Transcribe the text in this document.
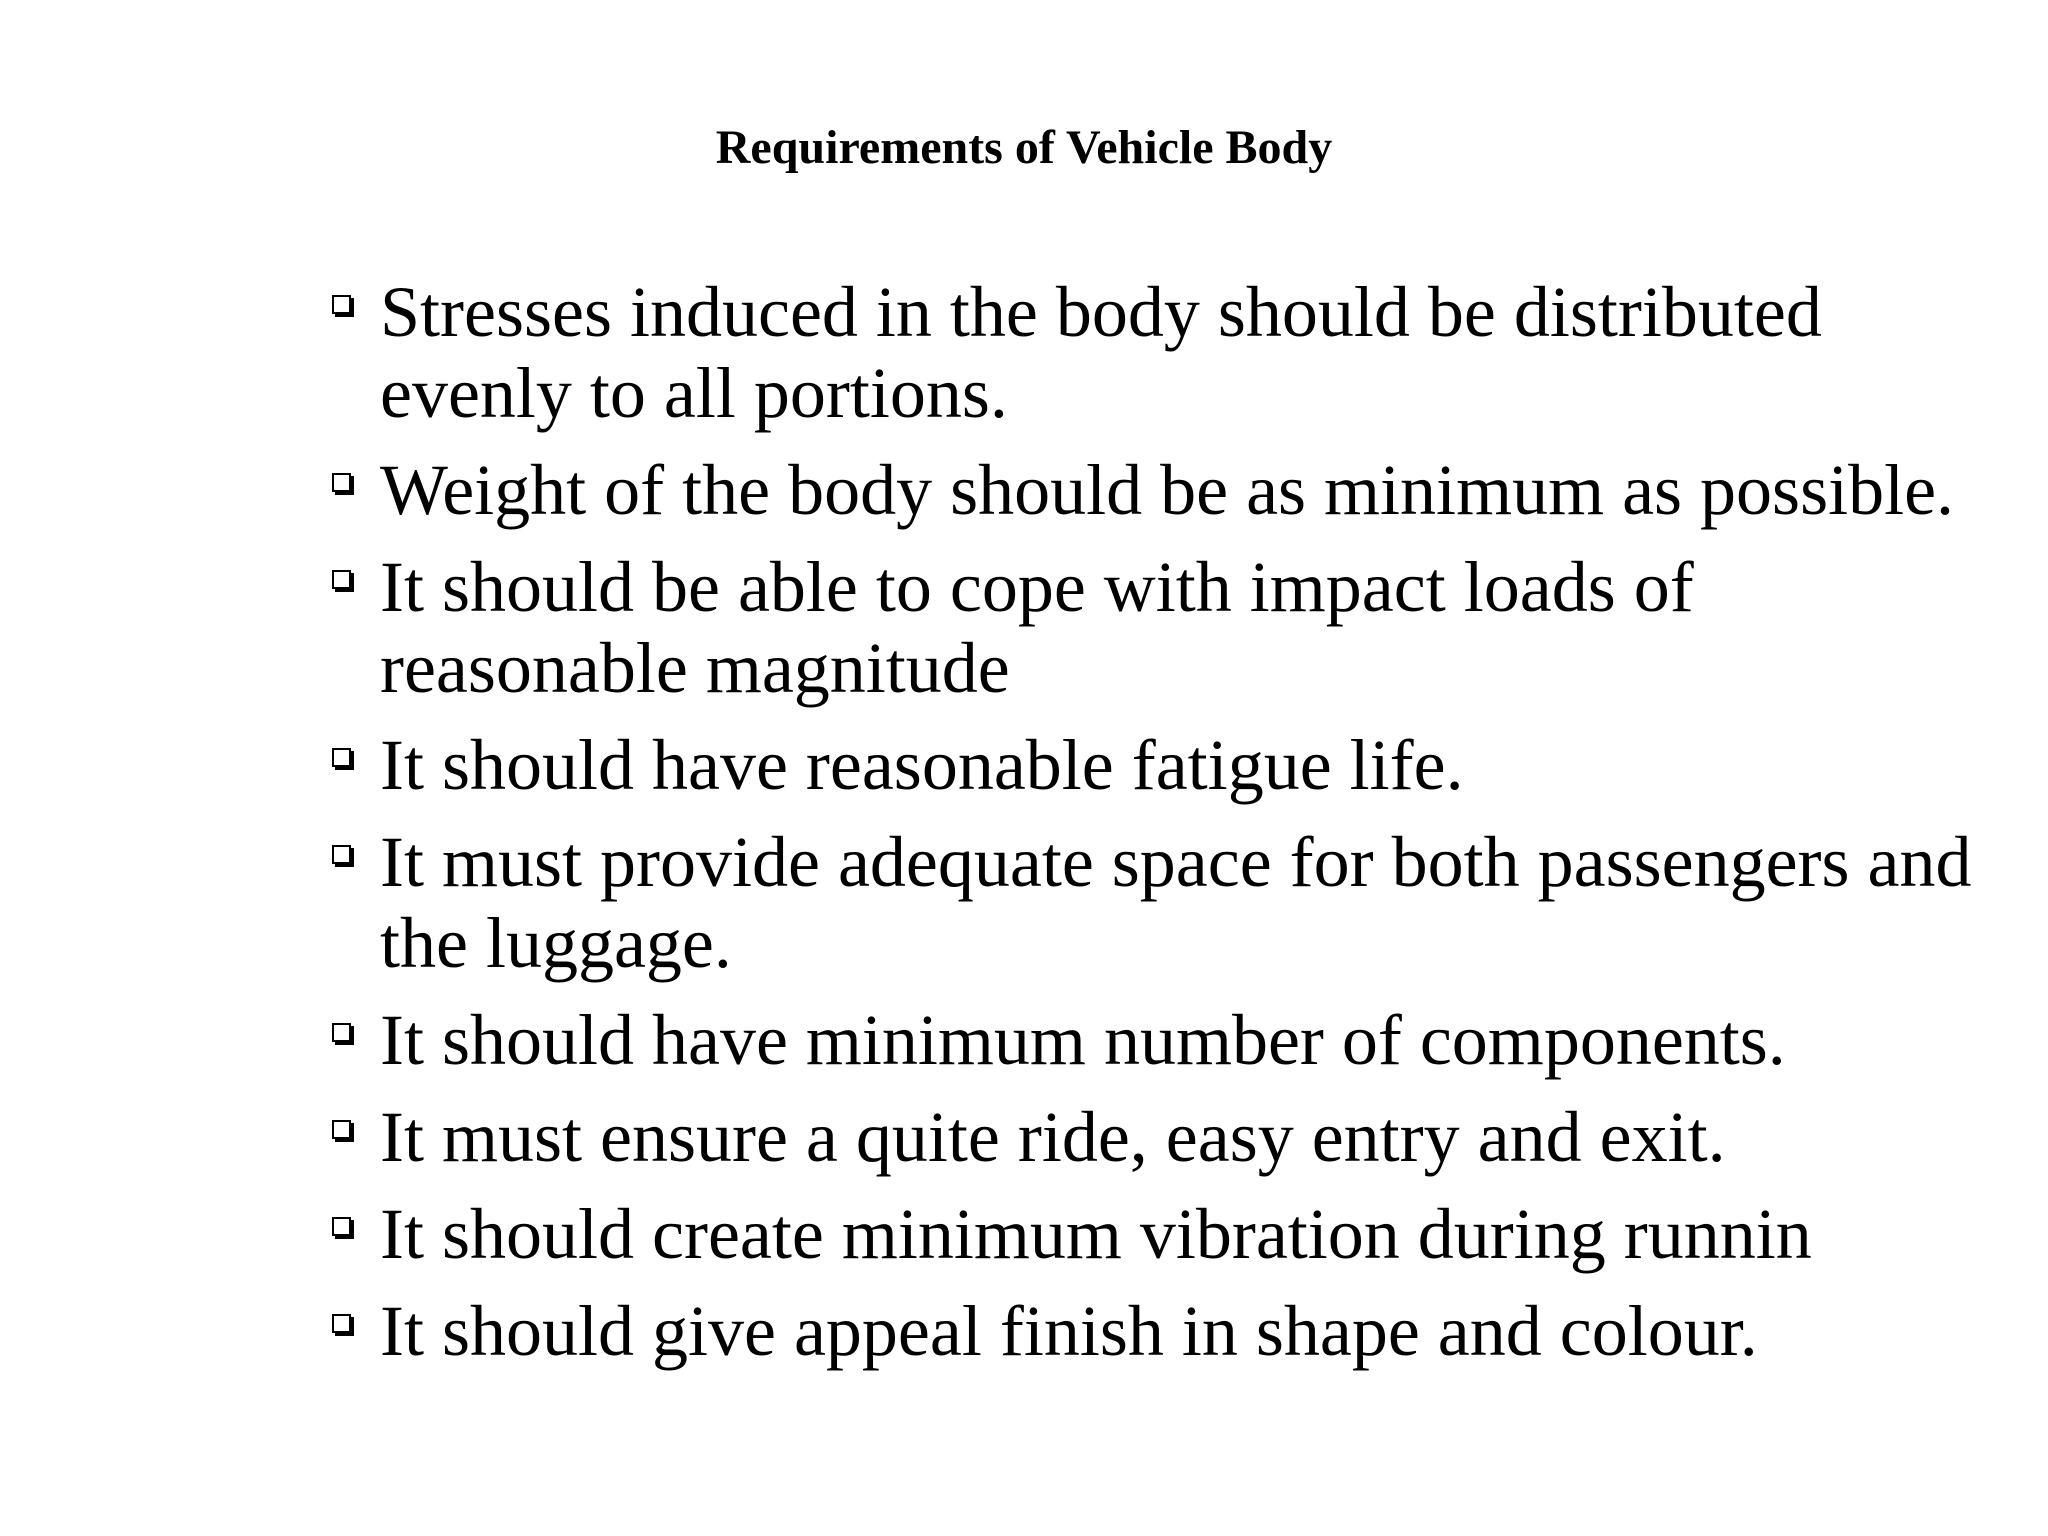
Requirements of Vehicle Body
Stresses induced in the body should be distributed evenly to all portions.
Weight of the body should be as minimum as possible.
It should be able to cope with impact loads of reasonable magnitude
It should have reasonable fatigue life.
It must provide adequate space for both passengers and the luggage.
It should have minimum number of components.
It must ensure a quite ride, easy entry and exit.
It should create minimum vibration during runnin
It should give appeal finish in shape and colour.
